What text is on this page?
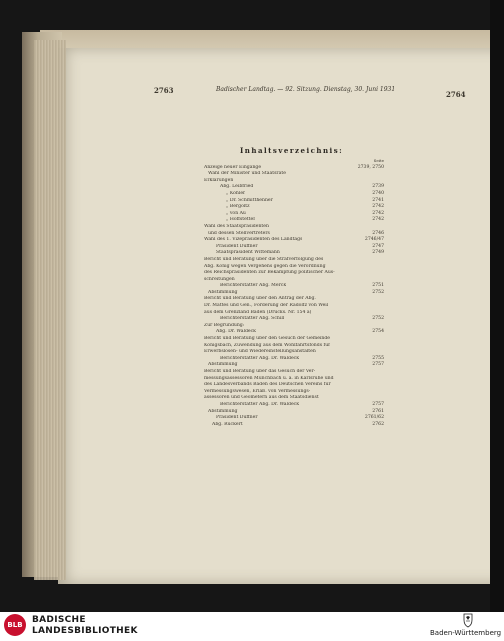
2763	Badischer Landtag. — 92. Sitzung. Dienstag, 30. Juni 1931
2764
Inhaltsverzeichnis:
Seite
Anzeige neuer Eingänge	2739, 2750
Wahl der Minister und Staatsräte
Erklärungen
Abg. Leibfried	2739
„ Köhler	2740
„ Dr. Schmitthenner	2741
„ Bergoltz	2742
„ von Au	2742
„ Hoffstetter	2742
Wahl des Staatspräsidenten
und dessen Stellvertreters	2746
Wahl des 1. Vizepräsidenten des Landtags	2746/47
Präsident Duffner	2747
Staatspräsident Wittemann	2749
Bericht und Beratung über die Strafverfolgung des
Abg. König wegen Vergehens gegen die Verordnung
des Reichspräsidenten zur Bekämpfung politischer Aus-
schreitungen
Berichterstatter Abg. Merck	2751
Abstimmung	2752
Bericht und Beratung über den Antrag der Abg.
Dr. Mattes und Gen., Förderung der Radolfz von Weil
aus dem Grenzland Baden (Drucks. Nr. 154 a)
Berichterstatter Abg. Schill	2752
Zur Begründung:
Abg. Dr. Waldeck	2754
Bericht und Beratung über den Gesuch der Gemeinde
Königsbach, Zuwendung aus dem Wohlfahrtsfonds für
Erwerbslosen- und Wiedereinstellungsanstalten
Berichterstatter Abg. Dr. Waldeck	2755
Abstimmung	2757
Bericht und Beratung über das Gesuch der Ver-
messungsassessoren Münchbach u. a. in Karlsruhe und
des Landesverbands Baden des Deutschen Vereins für
Vermessungswesen, Erlaß. von Vermessungs-
assessoren und Geometern aus dem Staatsdienst
Berichterstatter Abg. Dr. Waldeck	2757
Abstimmung	2761
Präsident Duffner	2761/62
Abg. Rückert	2762
BLB	BADISCHE
LANDESBIBLIOTHEK	Baden-Württemberg
